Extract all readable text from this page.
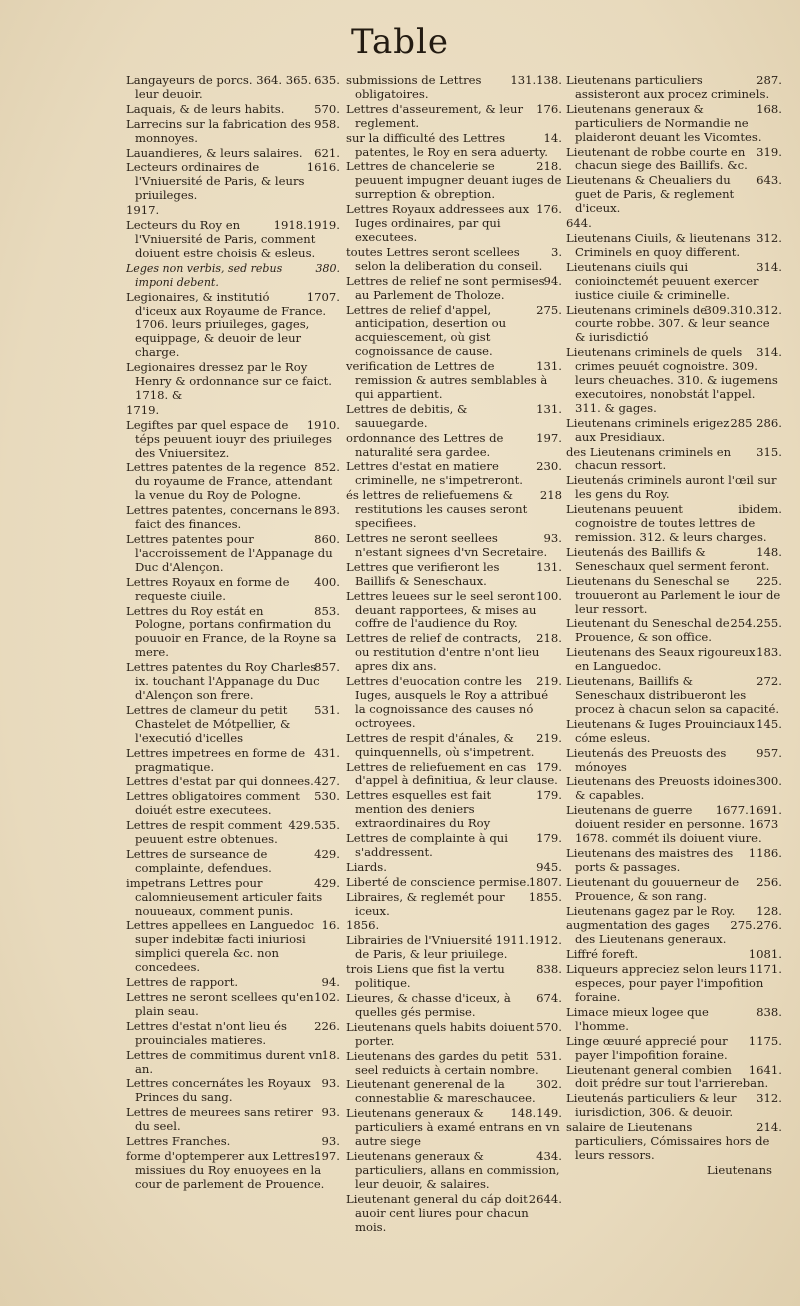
Table
635.
Langayeurs de porcs. 364. 365. leur deuoir.
570.
Laquais, & de leurs habits.
958.
Larrecins sur la fabrication des monnoyes.
621.
Lauandieres, & leurs salaires.
1616.
Lecteurs ordinaires de l'Vniuersité de Paris, & leurs priuileges.
1917.
1918.1919.
Lecteurs du Roy en l'Vniuersité de Paris, comment doiuent estre choisis & esleus.
380.
Leges non verbis, sed rebus imponi debent.
1707.
Legionaires, & institutió d'iceux aux Royaume de France. 1706. leurs priuileges, gages, equippage, & deuoir de leur charge.
Legionaires dressez par le Roy Henry & ordonnance sur ce faict. 1718. &
1719.
1910.
Legiftes par quel espace de téps peuuent iouyr des priuileges des Vniuersitez.
852.
Lettres patentes de la regence du royaume de France, attendant la venue du Roy de Pologne.
893.
Lettres patentes, concernans le faict des finances.
860.
Lettres patentes pour l'accroissement de l'Appanage du Duc d'Alençon.
400.
Lettres Royaux en forme de requeste ciuile.
853.
Lettres du Roy estát en Pologne, portans confirmation du pouuoir en France, de la Royne sa mere.
857.
Lettres patentes du Roy Charles ix. touchant l'Appanage du Duc d'Alençon son frere.
531.
Lettres de clameur du petit Chastelet de Mótpellier, & l'executió d'icelles
431.
Lettres impetrees en forme de pragmatique.
427.
Lettres d'estat par qui donnees.
530.
Lettres obligatoires comment doiuét estre executees.
429.535.
Lettres de respit comment peuuent estre obtenues.
429.
Lettres de surseance de complainte, defendues.
429.
impetrans Lettres pour calomnieusement articuler faits nouueaux, comment punis.
16.
Lettres appellees en Languedoc super indebitæ facti iniuriosi simplici querela &c. non concedees.
94.
Lettres de rapport.
102.
Lettres ne seront scellees qu'en plain seau.
226.
Lettres d'estat n'ont lieu és prouinciales matieres.
18.
Lettres de commitimus durent vn an.
93.
Lettres concernátes les Royaux Princes du sang.
93.
Lettres de meurees sans retirer du seel.
93.
Lettres Franches.
197.
forme d'optemperer aux Lettres missiues du Roy enuoyees en la cour de parlement de Prouence.
131.138.
submissions de Lettres obligatoires.
176.
Lettres d'asseurement, & leur reglement.
14.
sur la difficulté des Lettres patentes, le Roy en sera aduerty.
218.
Lettres de chancelerie se peuuent impugner deuant iuges de surreption & obreption.
176.
Lettres Royaux addressees aux Iuges ordinaires, par qui executees.
3.
toutes Lettres seront scellees selon la deliberation du conseil.
94.
Lettres de relief ne sont permises au Parlement de Tholoze.
275.
Lettres de relief d'appel, anticipation, desertion ou acquiescement, où gist cognoissance de cause.
131.
verification de Lettres de remission & autres semblables à qui appartient.
131.
Lettres de debitis, & sauuegarde.
197.
ordonnance des Lettres de naturalité sera gardee.
230.
Lettres d'estat en matiere criminelle, ne s'impetreront.
218
és lettres de reliefuemens & restitutions les causes seront specifiees.
93.
Lettres ne seront seellees n'estant signees d'vn Secretaire.
131.
Lettres que verifieront les Baillifs & Seneschaux.
100.
Lettres leuees sur le seel seront deuant rapportees, & mises au coffre de l'audience du Roy.
218.
Lettres de relief de contracts, ou restitution d'entre n'ont lieu apres dix ans.
219.
Lettres d'euocation contre les Iuges, ausquels le Roy a attribué la cognoissance des causes nó octroyees.
219.
Lettres de respit d'ánales, & quinquennells, où s'impetrent.
179.
Lettres de reliefuement en cas d'appel à definitiua, & leur clause.
179.
Lettres esquelles est fait mention des deniers extraordinaires du Roy
179.
Lettres de complainte à qui s'addressent.
945.
Liards.
1807.
Liberté de conscience permise.
1855.
Libraires, & reglemét pour iceux.
1856.
1911.1912.
Librairies de l'Vniuersité de Paris, & leur priuilege.
838.
trois Liens que fist la vertu politique.
674.
Lieures, & chasse d'iceux, à quelles gés permise.
570.
Lieutenans quels habits doiuent porter.
531.
Lieutenans des gardes du petit seel reduicts à certain nombre.
302.
Lieutenant generenal de la connestablie & mareschaucee.
148.149.
Lieutenans generaux & particuliers à examé entrans en vn autre siege
434.
Lieutenans generaux & particuliers, allans en commission, leur deuoir, & salaires.
2644.
Lieutenant general du cáp doit auoir cent liures pour chacun mois.
287.
Lieutenans particuliers assisteront aux procez criminels.
168.
Lieutenans generaux & particuliers de Normandie ne plaideront deuant les Vicomtes.
319.
Lieutenant de robbe courte en chacun siege des Baillifs. &c.
643.
Lieutenans & Cheualiers du guet de Paris, & reglement d'iceux.
644.
312.
Lieutenans Ciuils, & lieutenans Criminels en quoy different.
314.
Lieutenans ciuils qui conioinctemét peuuent exercer iustice ciuile & criminelle.
309.310.312.
Lieutenans criminels de courte robbe. 307. & leur seance & iurisdictió
314.
Lieutenans criminels de quels crimes peuuét cognoistre. 309. leurs cheuaches. 310. & iugemens executoires, nonobstát l'appel. 311. & gages.
285 286.
Lieutenans criminels erigez aux Presidiaux.
315.
des Lieutenans criminels en chacun ressort.
Lieutenás criminels auront l'œil sur les gens du Roy.
ibidem.
Lieutenans peuuent cognoistre de toutes lettres de remission. 312. & leurs charges.
148.
Lieutenás des Baillifs & Seneschaux quel serment feront.
225.
Lieutenans du Seneschal se trouueront au Parlement le iour de leur ressort.
254.255.
Lieutenant du Seneschal de Prouence, & son office.
183.
Lieutenans des Seaux rigoureux en Languedoc.
272.
Lieutenans, Baillifs & Seneschaux distribueront les procez à chacun selon sa capacité.
145.
Lieutenans & Iuges Prouinciaux cóme esleus.
957.
Lieutenás des Preuosts des mónoyes
300.
Lieutenans des Preuosts idoines & capables.
1677.1691.
Lieutenans de guerre doiuent resider en personne. 1673 1678. commét ils doiuent viure.
1186.
Lieutenans des maistres des ports & passages.
256.
Lieutenant du gouuerneur de Prouence, & son rang.
128.
Lieutenans gagez par le Roy.
275.276.
augmentation des gages des Lieutenans generaux.
1081.
Liffré foreft.
1171.
Liqueurs appreciez selon leurs especes, pour payer l'impofition foraine.
838.
Limace mieux logee que l'homme.
1175.
Linge œuuré apprecié pour payer l'impofition foraine.
1641.
Lieutenant general combien doit prédre sur tout l'arriereban.
312.
Lieutenás particuliers & leur iurisdiction, 306. & deuoir.
214.
salaire de Lieutenans particuliers, Cómissaires hors de leurs ressors.
Lieutenans
